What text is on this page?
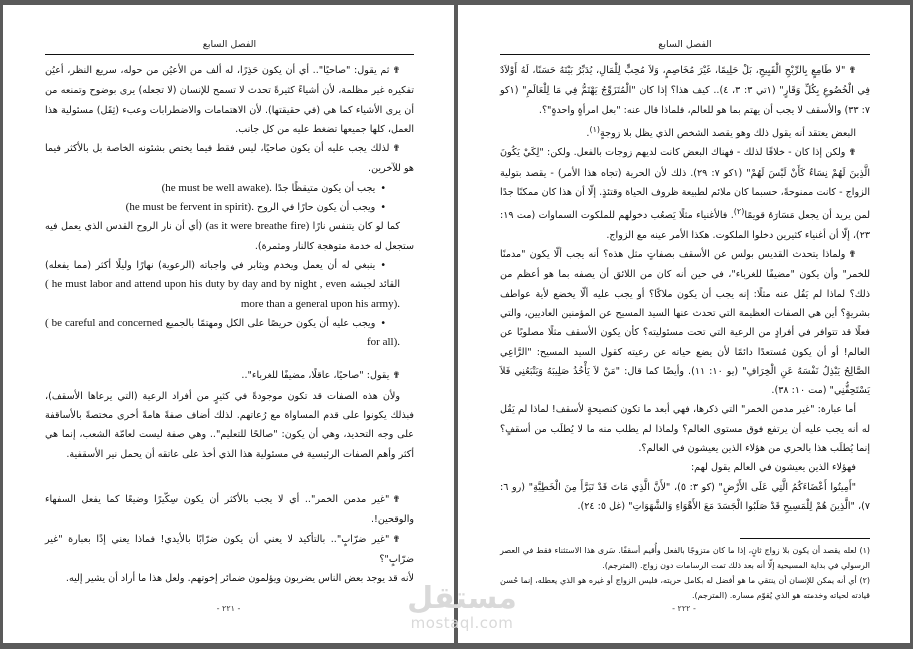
الفصل السابع

✟ثم يقول: "صاحيًا".. أي أن يكون حَذِرًا، له ألف من الأعيُن من حوله، سريع النظر، أعيُن تفكيره غير مظلمة، لأن أشياءً كثيرةً تحدث لا تسمح للإنسان (لا تجعله) يرى بوضوح وتمنعه من أن يرى الأشياء كما هي (في حقيقتها). لأن الاهتمامات والاضطرابات وعبء (ثِقَل) مسئولية هذا العمل، كلها جميعها تضغط عليه من كل جانب.

✟لذلك يجب عليه أن يكون صاحيًا، ليس فقط فيما يختص بشئونه الخاصة بل بالأكثر فيما هو للآخرين.

• يجب أن يكون متيقظًا جدًا (he must be well awake).

• ويجب أن يكون حارًا في الروح (he must be fervent in spirit).

كما لو كان يتنفس نارًا (as it were breathe fire) (أي أن نار الروح القدس الذي يعمل فيه ستجعل له خدمة متوهجة كالنار ومثمرة).

• ينبغي له أن يعمل ويخدم ويثابر في واجباته (الرعوية) نهارًا وليلًا أكثر (مما يفعله) القائد لجيشه ( he must labor and attend upon his duty by day and by night , even more than a general upon his army).

• ويجب عليه أن يكون حريصًا على الكل ومهتمًا بالجميع ( be careful and concerned for all).

✟يقول: "صاحيًا، عاقلًا، مضيفًا للغرباء"..

ولأن هذه الصفات قد تكون موجودةً في كثيرٍ من أفراد الرعية (التي يرعاها الأسقف)، فبذلك يكونوا على قدم المساواة مع رُعاتهم. لذلك أضاف صفةً هامةً أخرى مختصةً بالأساقفة على وجه التحديد، وهي أن يكون: "صالحًا للتعليم".. وهي صفة ليست لعامّة الشعب، إنما هي أكثر وأهم الصفات الرئيسية في مسئولية هذا الذي أخذ على عاتقه أن يحمل نير الأسقفية.

✟"غير مدمن الخمر".. أي لا يجب بالأكثر أن يكون سِكّيرًا وضيعًا كما يفعل السفهاء والوقحين!.

✟"غير ضرّابٍ".. بالتأكيد لا يعني أن يكون ضرّابًا بالأيدي! فماذا يعني إذًا بعبارة "غير ضرّابٍ"؟

لأنه قد يوجد بعض الناس يضربون ويؤلمون ضمائر إخوتهم. ولعل هذا ما أراد أن يشير إليه.

- ٢٢١ -
الفصل السابع

✟"لا طَامِعٍ بِالرِّبْحِ الْقَبِيحِ، بَلْ حَلِيمًا، غَيْرَ مُخَاصِمٍ، وَلاَ مُحِبٍّ لِلْمَالِ، يُدَبِّرُ بَيْتَهُ حَسَنًا، لَهُ أَوْلاَدٌ فِي الْخُضُوعِ بِكُلِّ وَقَارٍ" (١تي ٣: ٣، ٤).. كيف هذا؟ إذا كان "الْمُتَزَوِّجُ يَهْتَمُّ فِي مَا لِلْعَالَمِ" (١كو ٧: ٣٣) والأسقف لا يجب أن يهتم بما هو للعالم، فلماذا قال عنه: "بعل امرأةٍ واحدةٍ"؟.

البعض يعتقد أنه يقول ذلك وهو يقصد الشخص الذي يظل بلا زوجةٍ$^{(١)}$.

✟ولكن إذا كان - خلافًا لذلك - فهناك البعض كانت لديهم زوجات بالفعل. ولكن: "لِكَيْ يَكُونَ الَّذِينَ لَهُمْ نِسَاءٌ كَأَنْ لَيْسَ لَهُمْ" (١كو ٧: ٢٩). ذلك لأن الحرية (تجاه هذا الأمر) - يقصد بتولية الزواج - كانت ممنوحةً، حسبما كان ملائم لطبيعة ظروف الحياة وقتئذٍ. إلّا أن هذا كان ممكنًا جدًا لمن يريد أن يجعل مَسَارَهُ قويمًا$^{(٢)}$. فالأغنياء مثلًا يَصعُب دخولهم للملكوت السماوات (مت ١٩: ٢٣)، إلّا أن أغنياء كثيرين دخلوا الملكوت. هكذا الأمر عينه مع الزواج.

✟ولماذا يتحدث القديس بولس عن الأسقف بصفاتٍ مثل هذه؟ أنه يجب ألّا يكون "مدمنًا للخمر" وأن يكون "مضيفًا للغرباء"، في حين أنه كان من اللائق أن يصفه بما هو أعظم من ذلك؟ لماذا لم يَقُل عنه مثلًا: إنه يجب أن يكون ملاكًا؟ أو يجب عليه ألّا يخضع لأية عواطف بشريةٍ؟ أين هي الصفات العظيمة التي تحدث عنها السيد المسيح عن المؤمنين العاديين، والتي فعلًا قد تتوافر في أفرادٍ من الرعية التي تحت مسئوليته؟ كأن يكون الأسقف مثلًا مصلوبًا عن العالم! أو أن يكون مُستعدًا دائمًا لأن يضع حياته عن رعيته كقول السيد المسيح: "الرَّاعِي الصَّالِحُ يَبْذِلُ نَفْسَهُ عَنِ الْخِرَافِ" (يو ١٠: ١١). وأيضًا كما قال: "مَنْ لاَ يَأْخُذُ صَلِيبَهُ وَيَتْبَعُنِي فَلاَ يَسْتَحِقُّنِي" (مت ١٠: ٣٨).

أما عبارة: "غير مدمن الخمر" التي ذكرها، فهي أبعد ما تكون كنصيحةٍ لأسقف! لماذا لم يَقُل له أنه يجب عليه أن يرتفع فوق مستوى العالم؟ ولماذا لم يطلب منه ما لا يُطلَب من أسقفٍ؟ إنما يُطلَب هذا بالحري من هؤلاء الذين يعيشون في العالم؟.

فهؤلاء الذين يعيشون في العالم يقول لهم:

"أَمِيتُوا أَعْضَاءَكُمُ الَّتِي عَلَى الأَرْضِ" (كو ٣: ٥)، "لأَنَّ الَّذِي مَاتَ قَدْ تَبَرَّأَ مِنَ الْخَطِيَّةِ" (رو ٦: ٧)، "الَّذِينَ هُمْ لِلْمَسِيحِ قَدْ صَلَبُوا الْجَسَدَ مَعَ الأَهْوَاءِ وَالشَّهَوَاتِ" (غل ٥: ٢٤).

(١) لعله يقصد أن يكون بلا زواج ثانٍ، إذا ما كان متزوجًا بالفعل وأُقيم أسقفًا. سَرى هذا الاستثناء فقط في العصر الرسولي في بداية المسيحية إلّا أنه بعد ذلك تمت الرسامات دون زواج. (المترجم).

(٢) أي أنه يمكن للإنسان أن ينتقي ما هو أفضل له بكامل حريته، فليس الزواج أو غيره هو الذي يعطله، إنما حُسن قيادته لحياته وخدمته هو الذي يُقوّم مساره. (المترجم).

- ٢٢٢ -
مستقل
mostaql.com
